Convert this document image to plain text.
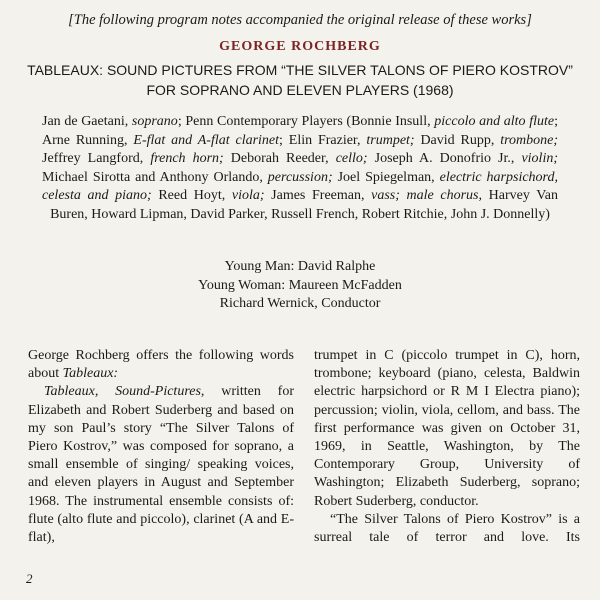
[The following program notes accompanied the original release of these works]
GEORGE ROCHBERG
TABLEAUX: SOUND PICTURES FROM “THE SILVER TALONS OF PIERO KOSTROV”
FOR SOPRANO AND ELEVEN PLAYERS (1968)

Jan de Gaetani, soprano; Penn Contemporary Players (Bonnie Insull, piccolo and alto flute; Arne Running, E-flat and A-flat clarinet; Elin Frazier, trumpet; David Rupp, trombone; Jeffrey Langford, french horn; Deborah Reeder, cello; Joseph A. Donofrio Jr., violin; Michael Sirotta and Anthony Orlando, percussion; Joel Spiegelman, electric harpsichord, celesta and piano; Reed Hoyt, viola; James Freeman, vass; male chorus, Harvey Van Buren, Howard Lipman, David Parker, Russell French, Robert Ritchie, John J. Donnelly)

Young Man: David Ralphe
Young Woman: Maureen McFadden
Richard Wernick, Conductor

George Rochberg offers the following words about Tableaux:

Tableaux, Sound-Pictures, written for Elizabeth and Robert Suderberg and based on my son Paul’s story “The Silver Talons of Piero Kostrov,” was composed for soprano, a small ensemble of singing/ speaking voices, and eleven players in August and September 1968. The instrumental ensemble consists of: flute (alto flute and piccolo), clarinet (A and E-flat),

trumpet in C (piccolo trumpet in C), horn, trombone; keyboard (piano, celesta, Baldwin electric harpsichord or R M I Electra piano); percussion; violin, viola, cellom, and bass. The first performance was given on October 31, 1969, in Seattle, Washington, by The Contemporary Group, University of Washington; Elizabeth Suderberg, soprano; Robert Suderberg, conductor.

“The Silver Talons of Piero Kostrov” is a surreal tale of terror and love. Its

2
